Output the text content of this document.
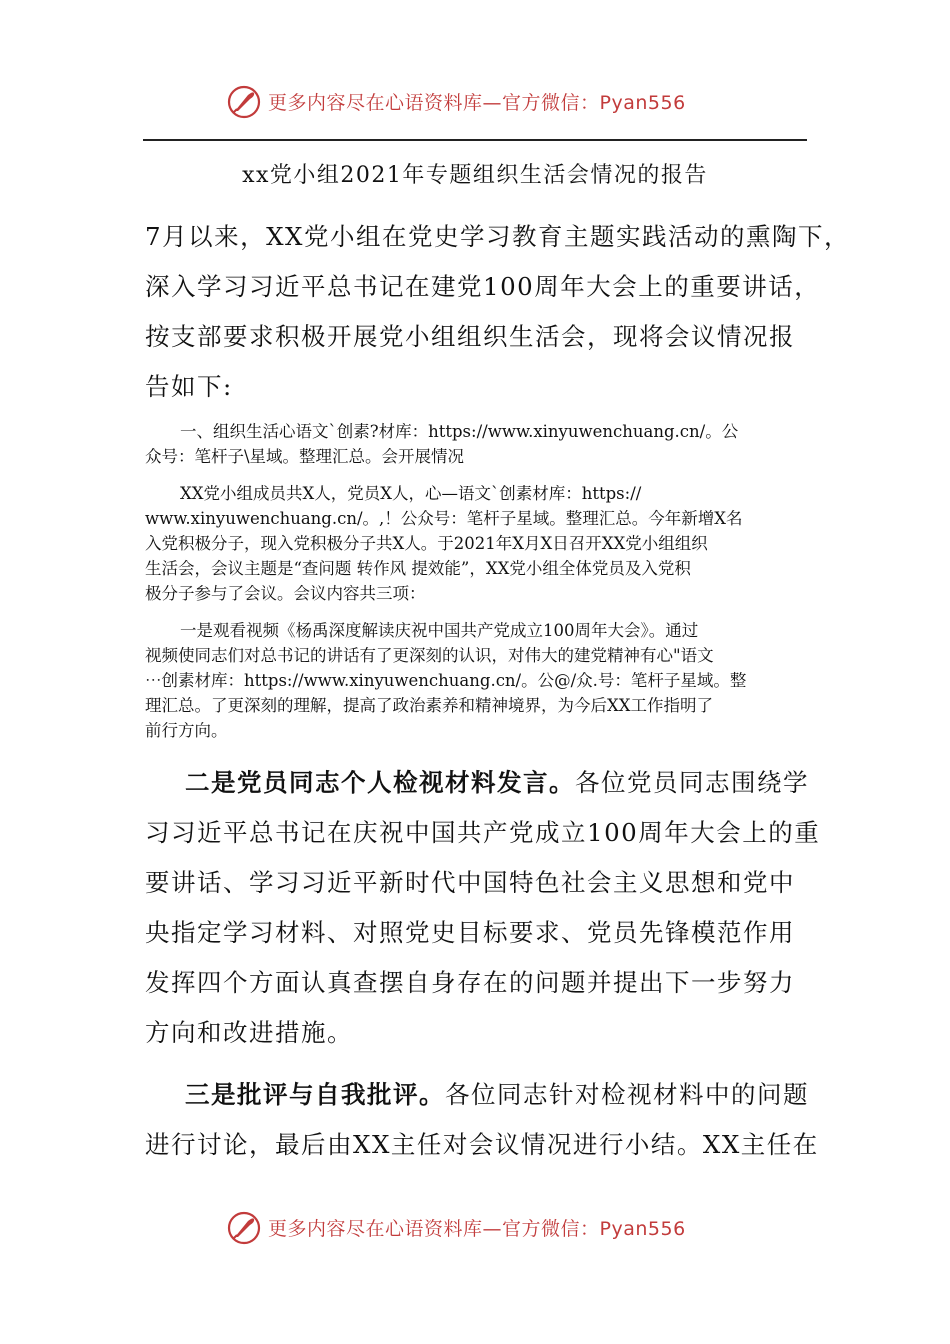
更多内容尽在心语资料库—官方微信：Pyan556
xx党小组2021年专题组织生活会情况的报告
7月以来，XX党小组在党史学习教育主题实践活动的熏陶下，
深入学习习近平总书记在建党100周年大会上的重要讲话，
按支部要求积极开展党小组组织生活会，现将会议情况报
告如下:
一、组织生活心语文`创素?材库：https://www.xinyuwenchuang.cn/。公
众号：笔杆子\星域。整理汇总。会开展情况
XX党小组成员共X人，党员X人，心—语文`创素材库：https://
www.xinyuwenchuang.cn/。,！公众号：笔杆子星域。整理汇总。今年新增X名
入党积极分子，现入党积极分子共X人。于2021年X月X日召开XX党小组组织
生活会，会议主题是“查问题 转作风 提效能”，XX党小组全体党员及入党积
极分子参与了会议。会议内容共三项：
一是观看视频《杨禹深度解读庆祝中国共产党成立100周年大会》。通过
视频使同志们对总书记的讲话有了更深刻的认识，对伟大的建党精神有心"语文
⋯创素材库：https://www.xinyuwenchuang.cn/。公@/众.号：笔杆子星域。整
理汇总。了更深刻的理解，提高了政治素养和精神境界，为今后XX工作指明了
前行方向。
二是党员同志个人检视材料发言。各位党员同志围绕学
习习近平总书记在庆祝中国共产党成立100周年大会上的重
要讲话、学习习近平新时代中国特色社会主义思想和党中
央指定学习材料、对照党史目标要求、党员先锋模范作用
发挥四个方面认真查摆自身存在的问题并提出下一步努力
方向和改进措施。
三是批评与自我批评。各位同志针对检视材料中的问题
进行讨论，最后由XX主任对会议情况进行小结。XX主任在
更多内容尽在心语资料库—官方微信：Pyan556
